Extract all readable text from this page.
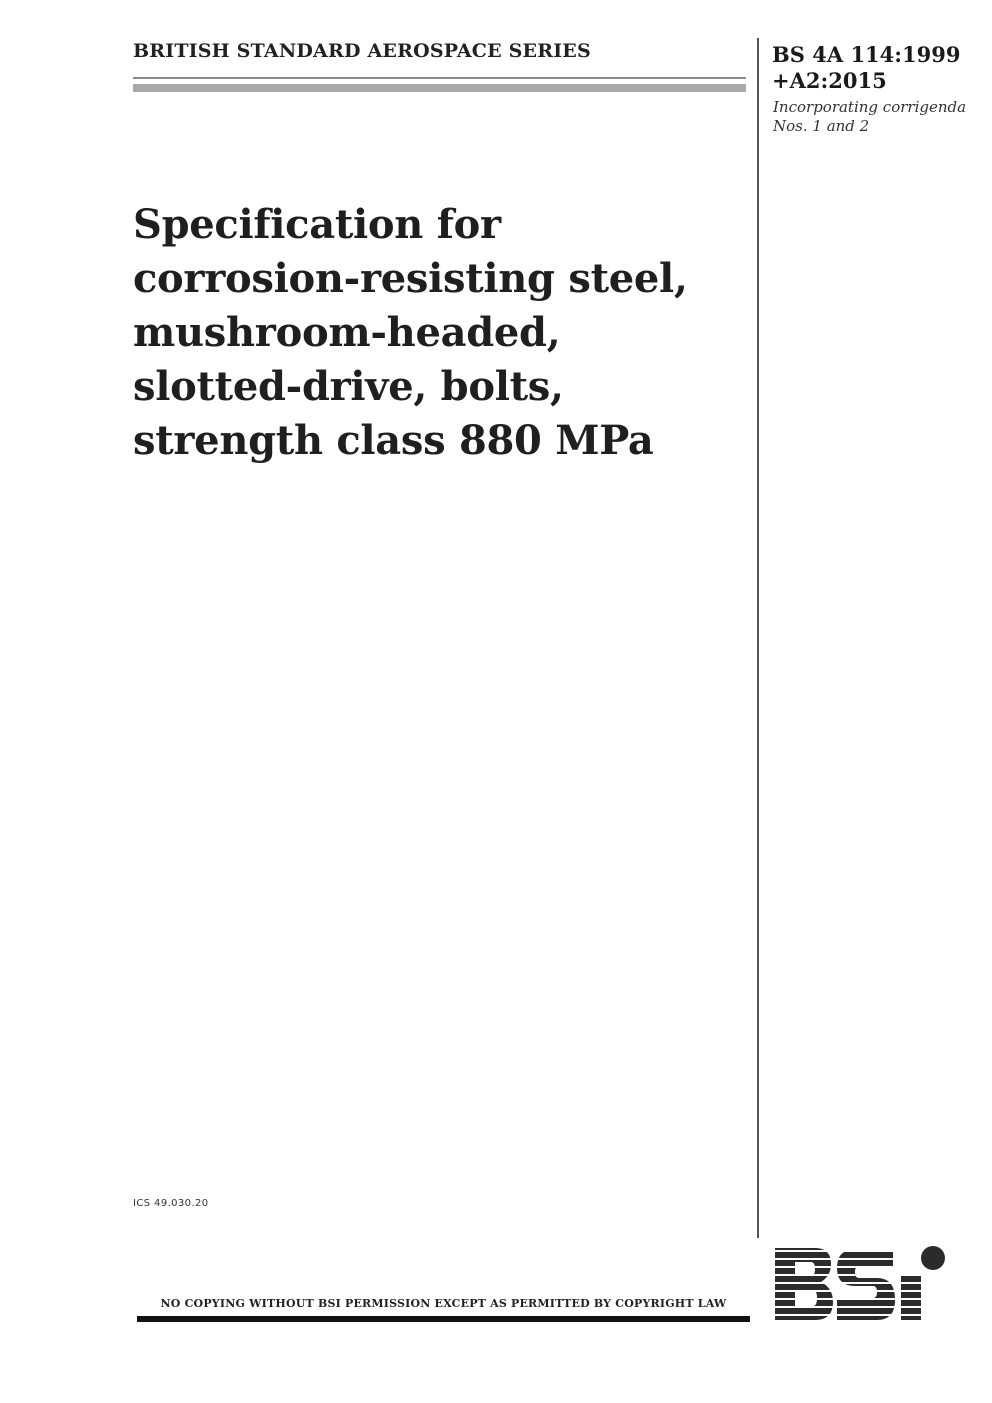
BRITISH STANDARD AEROSPACE SERIES	BS 4A 114:1999
+A2:2015
Incorporating corrigenda Nos. 1 and 2
Specification for
corrosion-resisting steel,
mushroom-headed,
slotted-drive, bolts,
strength class 880 MPa
ICS 49.030.20
NO COPYING WITHOUT BSI PERMISSION EXCEPT AS PERMITTED BY COPYRIGHT LAW
